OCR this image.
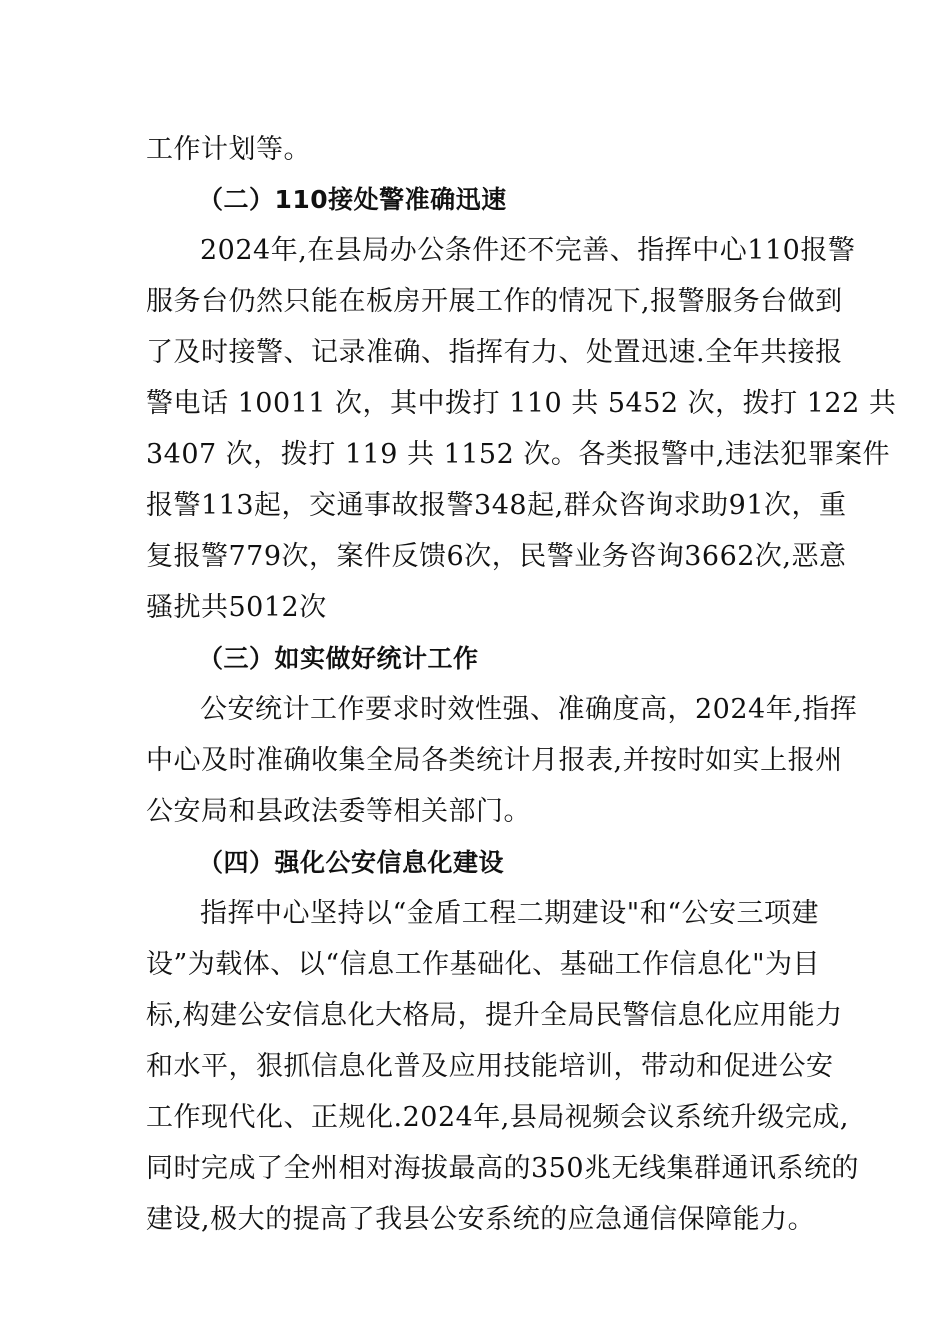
工作计划等。
（二）110接处警准确迅速
2024年,在县局办公条件还不完善、指挥中心110报警
服务台仍然只能在板房开展工作的情况下,报警服务台做到
了及时接警、记录准确、指挥有力、处置迅速.全年共接报
警电话 10011 次，其中拨打 110 共 5452 次，拨打 122 共
3407 次，拨打 119 共 1152 次。各类报警中,违法犯罪案件
报警113起，交通事故报警348起,群众咨询求助91次，重
复报警779次，案件反馈6次，民警业务咨询3662次,恶意
骚扰共5012次
（三）如实做好统计工作
公安统计工作要求时效性强、准确度高，2024年,指挥
中心及时准确收集全局各类统计月报表,并按时如实上报州
公安局和县政法委等相关部门。
（四）强化公安信息化建设
指挥中心坚持以“金盾工程二期建设"和“公安三项建
设”为载体、以“信息工作基础化、基础工作信息化"为目
标,构建公安信息化大格局，提升全局民警信息化应用能力
和水平，狠抓信息化普及应用技能培训，带动和促进公安
工作现代化、正规化.2024年,县局视频会议系统升级完成,
同时完成了全州相对海拔最高的350兆无线集群通讯系统的
建设,极大的提高了我县公安系统的应急通信保障能力。
